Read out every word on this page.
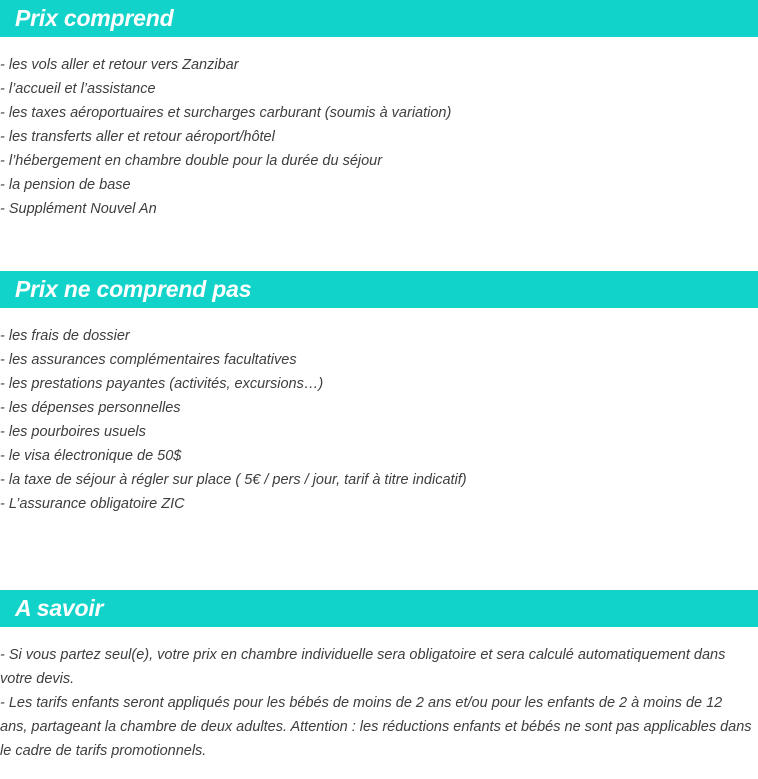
Prix comprend
- les vols aller et retour vers Zanzibar
- l’accueil et l’assistance
- les taxes aéroportuaires et surcharges carburant (soumis à variation)
- les transferts aller et retour aéroport/hôtel
- l’hébergement en chambre double pour la durée du séjour
- la pension de base
- Supplément Nouvel An
Prix ne comprend pas
- les frais de dossier
- les assurances complémentaires facultatives
- les prestations payantes (activités, excursions…)
- les dépenses personnelles
- les pourboires usuels
- le visa électronique de 50$
- la taxe de séjour à régler sur place ( 5€ / pers / jour, tarif à titre indicatif)
- L’assurance obligatoire ZIC
A savoir

- Si vous partez seul(e), votre prix en chambre individuelle sera obligatoire et sera calculé automatiquement dans votre devis.

- Les tarifs enfants seront appliqués pour les bébés de moins de 2 ans et/ou pour les enfants de 2 à moins de 12 ans, partageant la chambre de deux adultes. Attention : les réductions enfants et bébés ne sont pas applicables dans le cadre de tarifs promotionnels.
